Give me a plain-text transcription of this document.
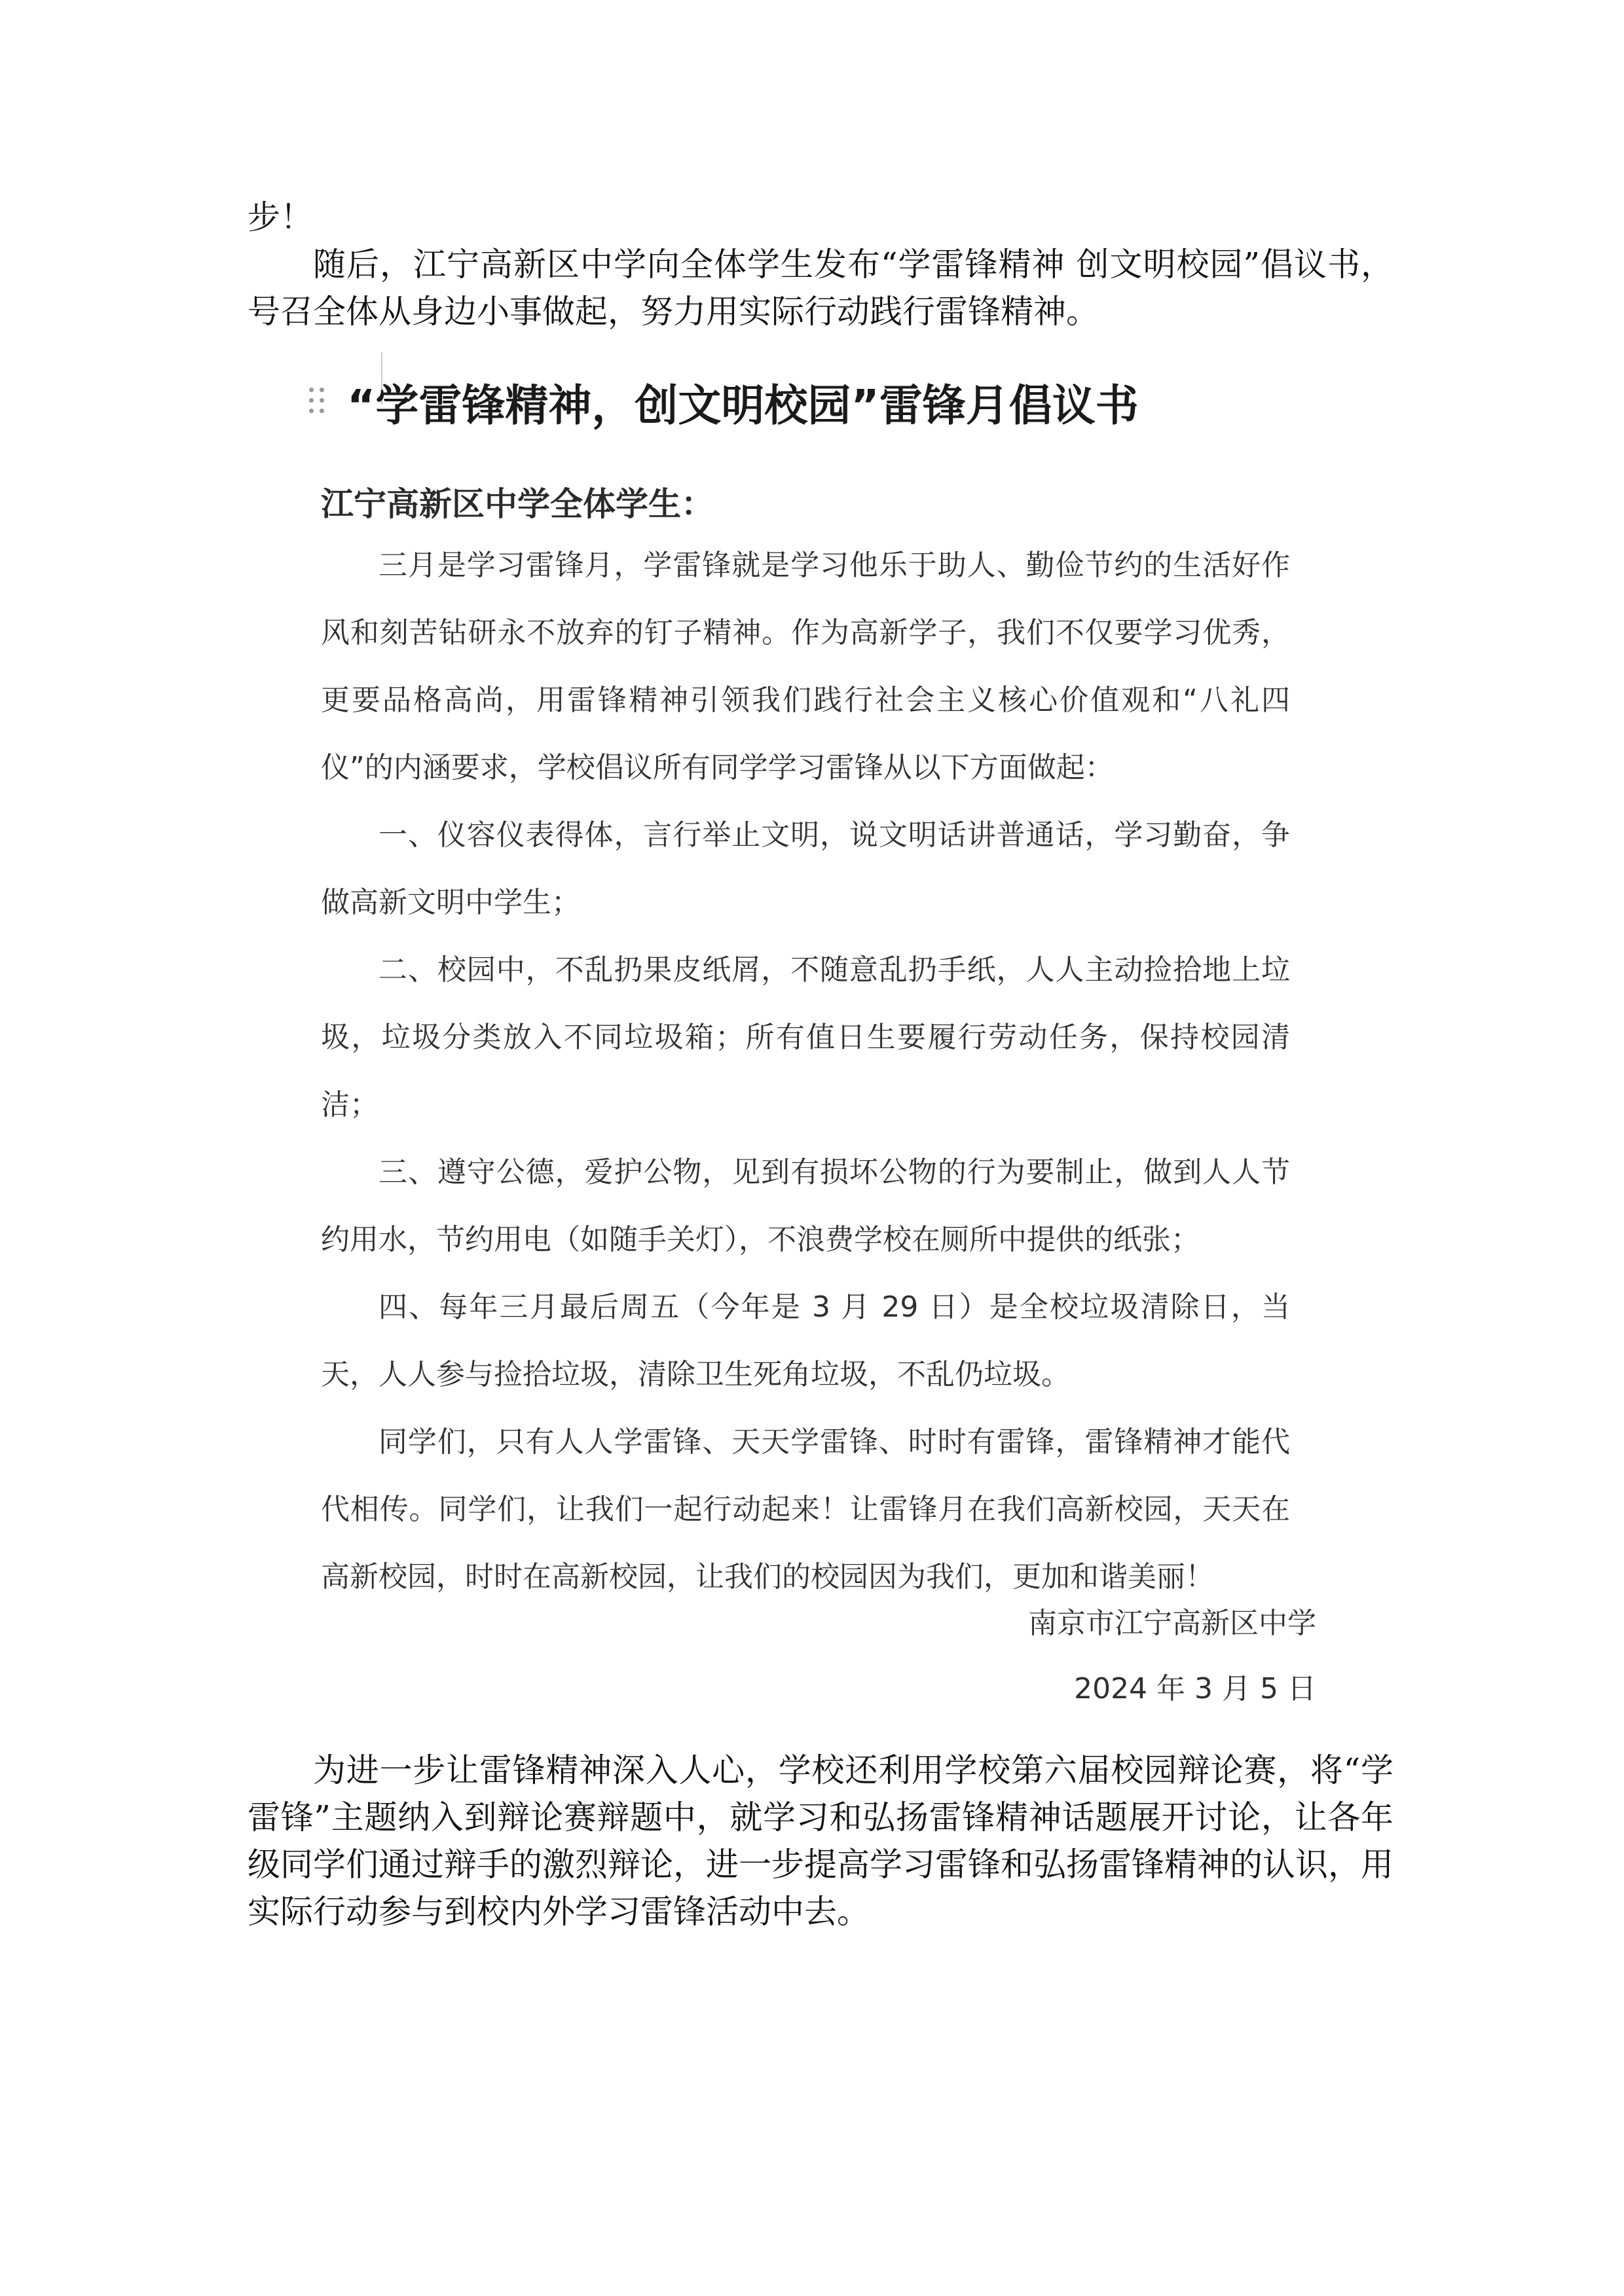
步！

随后，江宁高新区中学向全体学生发布“学雷锋精神 创文明校园”倡议书，号召全体从身边小事做起，努力用实际行动践行雷锋精神。

“学雷锋精神，创文明校园”雷锋月倡议书

江宁高新区中学全体学生：

三月是学习雷锋月，学雷锋就是学习他乐于助人、勤俭节约的生活好作风和刻苦钻研永不放弃的钉子精神。作为高新学子，我们不仅要学习优秀，更要品格高尚，用雷锋精神引领我们践行社会主义核心价值观和“八礼四仪”的内涵要求，学校倡议所有同学学习雷锋从以下方面做起：

一、仪容仪表得体，言行举止文明，说文明话讲普通话，学习勤奋，争做高新文明中学生；

二、校园中，不乱扔果皮纸屑，不随意乱扔手纸，人人主动捡拾地上垃圾，垃圾分类放入不同垃圾箱；所有值日生要履行劳动任务，保持校园清洁；

三、遵守公德，爱护公物，见到有损坏公物的行为要制止，做到人人节约用水，节约用电（如随手关灯），不浪费学校在厕所中提供的纸张；

四、每年三月最后周五（今年是 3 月 29 日）是全校垃圾清除日，当天，人人参与捡拾垃圾，清除卫生死角垃圾，不乱仍垃圾。

同学们，只有人人学雷锋、天天学雷锋、时时有雷锋，雷锋精神才能代代相传。同学们，让我们一起行动起来！让雷锋月在我们高新校园，天天在高新校园，时时在高新校园，让我们的校园因为我们，更加和谐美丽！

南京市江宁高新区中学

2024 年 3 月 5 日

为进一步让雷锋精神深入人心，学校还利用学校第六届校园辩论赛，将“学雷锋”主题纳入到辩论赛辩题中，就学习和弘扬雷锋精神话题展开讨论，让各年级同学们通过辩手的激烈辩论，进一步提高学习雷锋和弘扬雷锋精神的认识，用实际行动参与到校内外学习雷锋活动中去。
